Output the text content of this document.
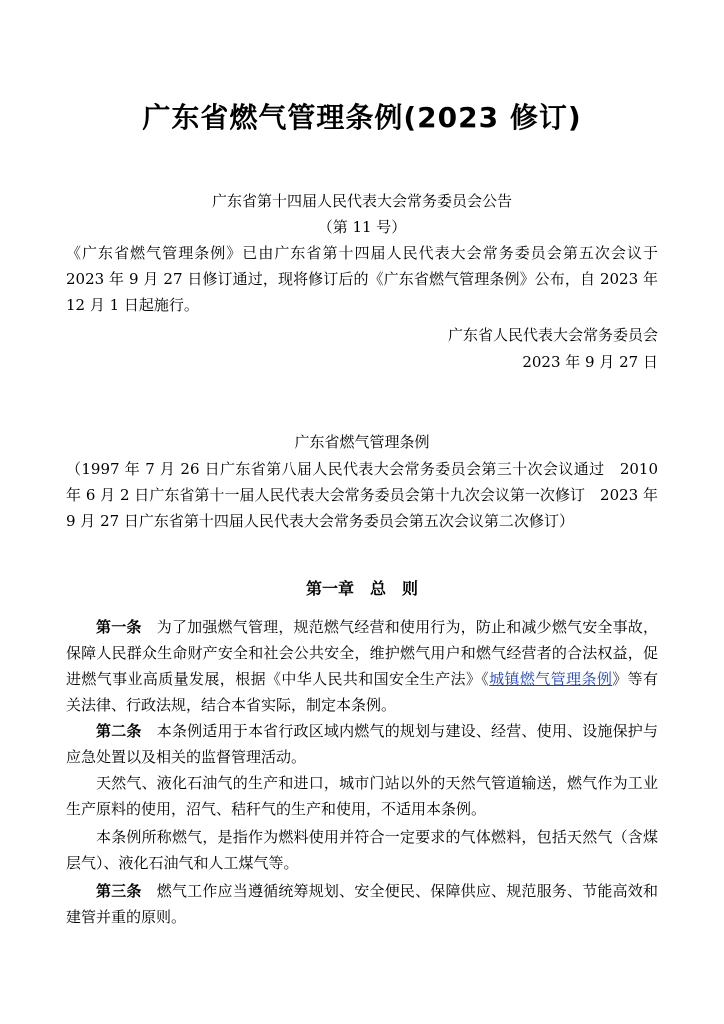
广东省燃气管理条例(2023 修订)
广东省第十四届人民代表大会常务委员会公告
（第 11 号）
《广东省燃气管理条例》已由广东省第十四届人民代表大会常务委员会第五次会议于 2023 年 9 月 27 日修订通过，现将修订后的《广东省燃气管理条例》公布，自 2023 年 12 月 1 日起施行。
广东省人民代表大会常务委员会
2023 年 9 月 27 日
广东省燃气管理条例
（1997 年 7 月 26 日广东省第八届人民代表大会常务委员会第三十次会议通过　2010 年 6 月 2 日广东省第十一届人民代表大会常务委员会第十九次会议第一次修订　2023 年 9 月 27 日广东省第十四届人民代表大会常务委员会第五次会议第二次修订）
第一章　总　则
第一条  为了加强燃气管理，规范燃气经营和使用行为，防止和减少燃气安全事故，保障人民群众生命财产安全和社会公共安全，维护燃气用户和燃气经营者的合法权益，促进燃气事业高质量发展，根据《中华人民共和国安全生产法》《城镇燃气管理条例》等有关法律、行政法规，结合本省实际，制定本条例。
第二条  本条例适用于本省行政区域内燃气的规划与建设、经营、使用、设施保护与应急处置以及相关的监督管理活动。
天然气、液化石油气的生产和进口，城市门站以外的天然气管道输送，燃气作为工业生产原料的使用，沼气、秸秆气的生产和使用，不适用本条例。
本条例所称燃气，是指作为燃料使用并符合一定要求的气体燃料，包括天然气（含煤层气）、液化石油气和人工煤气等。
第三条  燃气工作应当遵循统筹规划、安全便民、保障供应、规范服务、节能高效和建管并重的原则。
